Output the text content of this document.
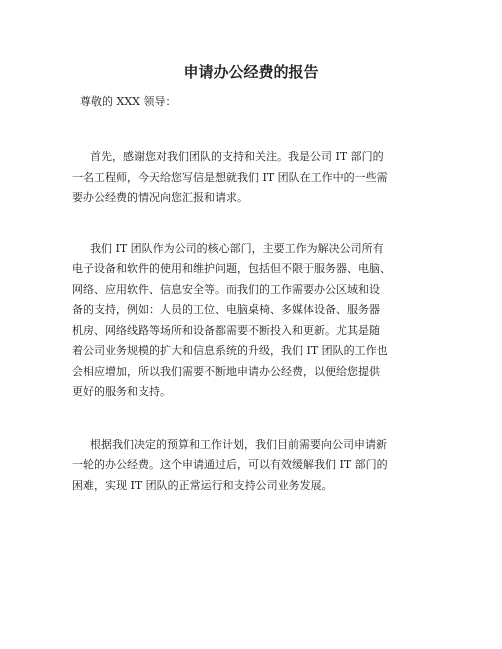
申请办公经费的报告
尊敬的 XXX 领导：
首先，感谢您对我们团队的支持和关注。我是公司 IT 部门的
一名工程师，今天给您写信是想就我们 IT 团队在工作中的一些需
要办公经费的情况向您汇报和请求。
我们 IT 团队作为公司的核心部门，主要工作为解决公司所有
电子设备和软件的使用和维护问题，包括但不限于服务器、电脑、
网络、应用软件、信息安全等。而我们的工作需要办公区域和设
备的支持，例如：人员的工位、电脑桌椅、多媒体设备、服务器
机房、网络线路等场所和设备都需要不断投入和更新。尤其是随
着公司业务规模的扩大和信息系统的升级，我们 IT 团队的工作也
会相应增加，所以我们需要不断地申请办公经费，以便给您提供
更好的服务和支持。
根据我们决定的预算和工作计划，我们目前需要向公司申请新
一轮的办公经费。这个申请通过后，可以有效缓解我们 IT 部门的
困难，实现 IT 团队的正常运行和支持公司业务发展。
